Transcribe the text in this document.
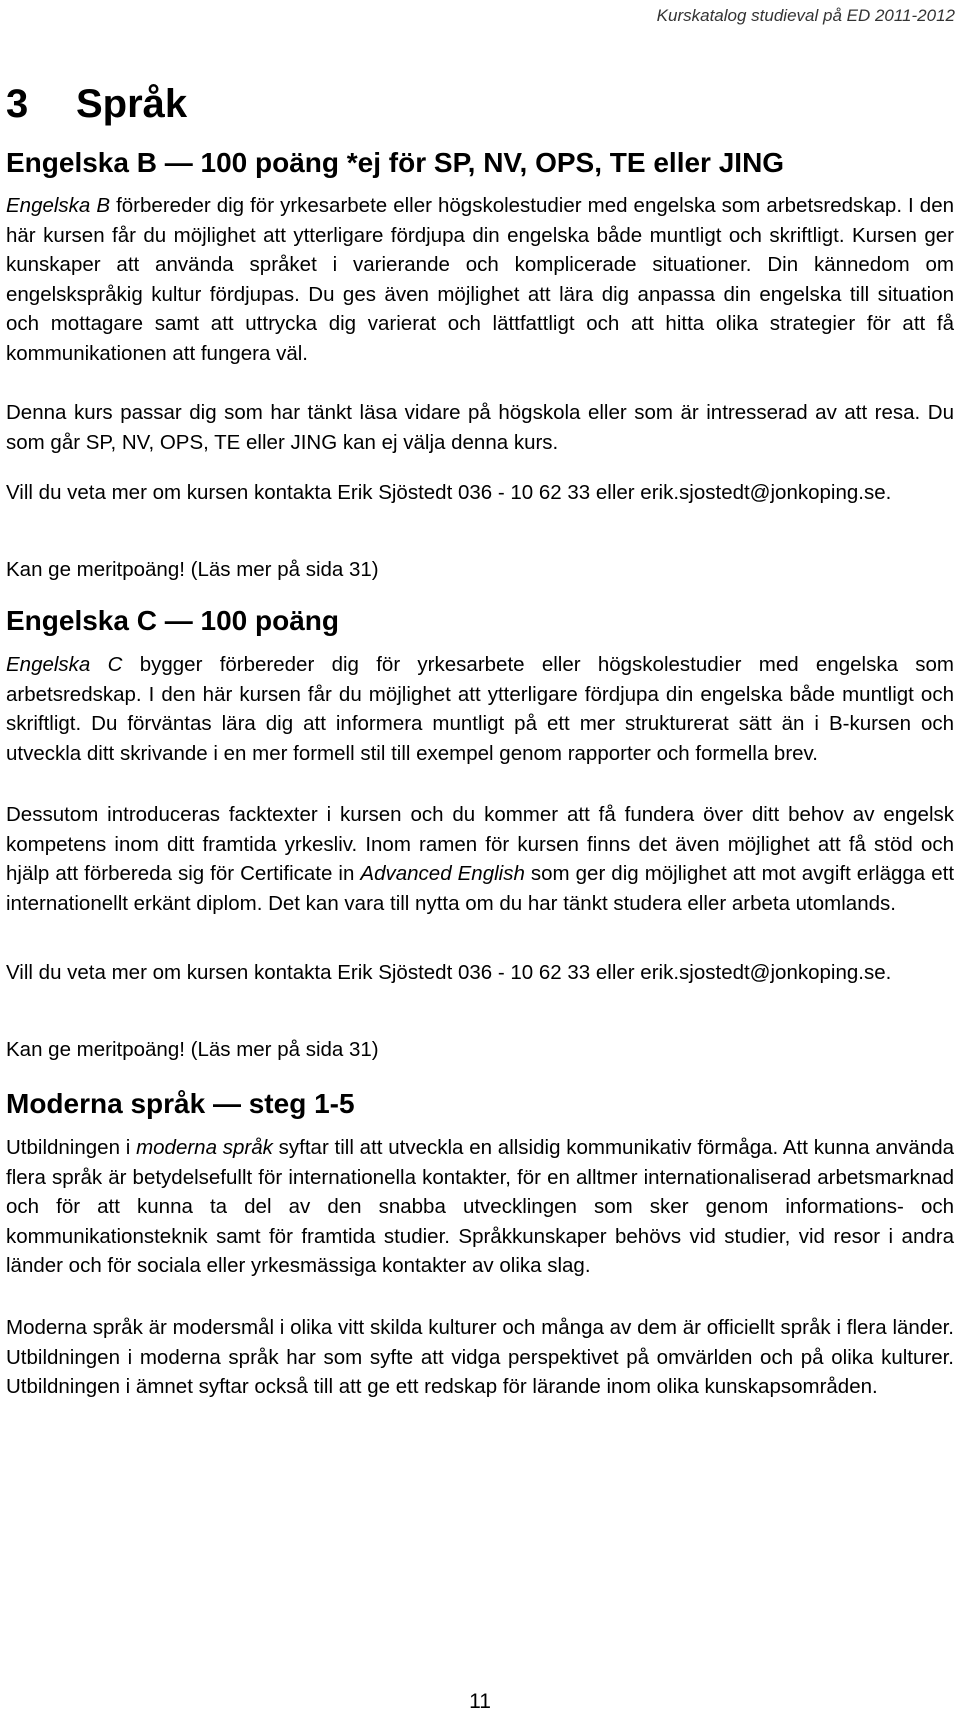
Kurskatalog studieval på ED 2011-2012
3 Språk
Engelska B — 100 poäng *ej för SP, NV, OPS, TE eller JING

Engelska B förbereder dig för yrkesarbete eller högskolestudier med engelska som arbetsredskap. I den här kursen får du möjlighet att ytterligare fördjupa din engelska både muntligt och skriftligt. Kursen ger kunskaper att använda språket i varierande och komplicerade situationer. Din kännedom om engelskspråkig kultur fördjupas. Du ges även möjlighet att lära dig anpassa din engelska till situation och mottagare samt att uttrycka dig varierat och lättfattligt och att hitta olika strategier för att få kommunikationen att fungera väl.

Denna kurs passar dig som har tänkt läsa vidare på högskola eller som är intresserad av att resa. Du som går SP, NV, OPS, TE eller JING kan ej välja denna kurs.

Vill du veta mer om kursen kontakta Erik Sjöstedt 036 - 10 62 33 eller erik.sjostedt@jonkoping.se.

Kan ge meritpoäng! (Läs mer på sida 31)

Engelska C — 100 poäng

Engelska C bygger förbereder dig för yrkesarbete eller högskolestudier med engelska som arbetsredskap. I den här kursen får du möjlighet att ytterligare fördjupa din engelska både muntligt och skriftligt. Du förväntas lära dig att informera muntligt på ett mer strukturerat sätt än i B-kursen och utveckla ditt skrivande i en mer formell stil till exempel genom rapporter och formella brev.

Dessutom introduceras facktexter i kursen och du kommer att få fundera över ditt behov av engelsk kompetens inom ditt framtida yrkesliv. Inom ramen för kursen finns det även möjlighet att få stöd och hjälp att förbereda sig för Certificate in Advanced English som ger dig möjlighet att mot avgift erlägga ett internationellt erkänt diplom. Det kan vara till nytta om du har tänkt studera eller arbeta utomlands.

Vill du veta mer om kursen kontakta Erik Sjöstedt 036 - 10 62 33 eller erik.sjostedt@jonkoping.se.

Kan ge meritpoäng! (Läs mer på sida 31)

Moderna språk — steg 1-5

Utbildningen i moderna språk syftar till att utveckla en allsidig kommunikativ förmåga. Att kunna använda flera språk är betydelsefullt för internationella kontakter, för en alltmer internationaliserad arbetsmarknad och för att kunna ta del av den snabba utvecklingen som sker genom informations- och kommunikationsteknik samt för framtida studier. Språkkunskaper behövs vid studier, vid resor i andra länder och för sociala eller yrkesmässiga kontakter av olika slag.

Moderna språk är modersmål i olika vitt skilda kulturer och många av dem är officiellt språk i flera länder. Utbildningen i moderna språk har som syfte att vidga perspektivet på omvärlden och på olika kulturer. Utbildningen i ämnet syftar också till att ge ett redskap för lärande inom olika kunskapsområden.

11
